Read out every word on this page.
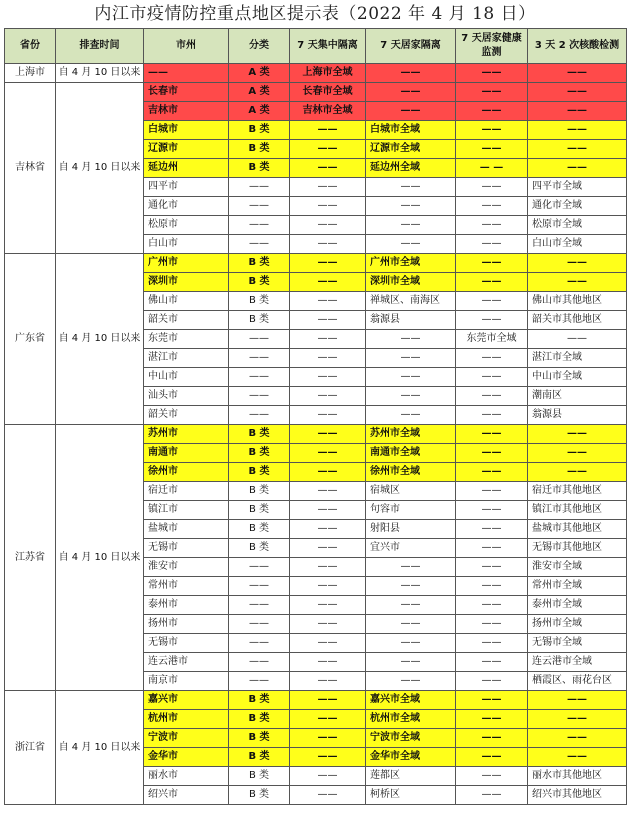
内江市疫情防控重点地区提示表（2022 年 4 月 18 日）
省份	排查时间	市州	分类	7 天集中隔离	7 天居家隔离	7 天居家健康监测	3 天 2 次核酸检测
上海市	自 4 月 10 日以来	——	A 类	上海市全域	——	——	——
吉林省	自 4 月 10 日以来	长春市	A 类	长春市全域	——	——	——
		吉林市	A 类	吉林市全域	——	——	——
		白城市	B 类	——	白城市全域	——	——
		辽源市	B 类	——	辽源市全域	——	——
		延边州	B 类	——	延边州全域	— —	——
		四平市	——	——	——	——	四平市全域
		通化市	——	——	——	——	通化市全域
		松原市	——	——	——	——	松原市全域
		白山市	——	——	——	——	白山市全域
广东省	自 4 月 10 日以来	广州市	B 类	——	广州市全域	——	——
		深圳市	B 类	——	深圳市全域	——	——
		佛山市	B 类	——	禅城区、南海区	——	佛山市其他地区
		韶关市	B 类	——	翁源县	——	韶关市其他地区
		东莞市	——	——	——	东莞市全域	——
		湛江市	——	——	——	——	湛江市全域
		中山市	——	——	——	——	中山市全域
		汕头市	——	——	——	——	潮南区
		韶关市	——	——	——	——	翁源县
江苏省	自 4 月 10 日以来	苏州市	B 类	——	苏州市全域	——	——
		南通市	B 类	——	南通市全域	——	——
		徐州市	B 类	——	徐州市全域	——	——
		宿迁市	B 类	——	宿城区	——	宿迁市其他地区
		镇江市	B 类	——	句容市	——	镇江市其他地区
		盐城市	B 类	——	射阳县	——	盐城市其他地区
		无锡市	B 类	——	宜兴市	——	无锡市其他地区
		淮安市	——	——	——	——	淮安市全域
		常州市	——	——	——	——	常州市全域
		泰州市	——	——	——	——	泰州市全域
		扬州市	——	——	——	——	扬州市全域
		无锡市	——	——	——	——	无锡市全域
		连云港市	——	——	——	——	连云港市全域
		南京市	——	——	——	——	栖霞区、雨花台区
浙江省	自 4 月 10 日以来	嘉兴市	B 类	——	嘉兴市全域	——	——
		杭州市	B 类	——	杭州市全域	——	——
		宁波市	B 类	——	宁波市全域	——	——
		金华市	B 类	——	金华市全域	——	——
		丽水市	B 类	——	莲都区	——	丽水市其他地区
		绍兴市	B 类	——	柯桥区	——	绍兴市其他地区
